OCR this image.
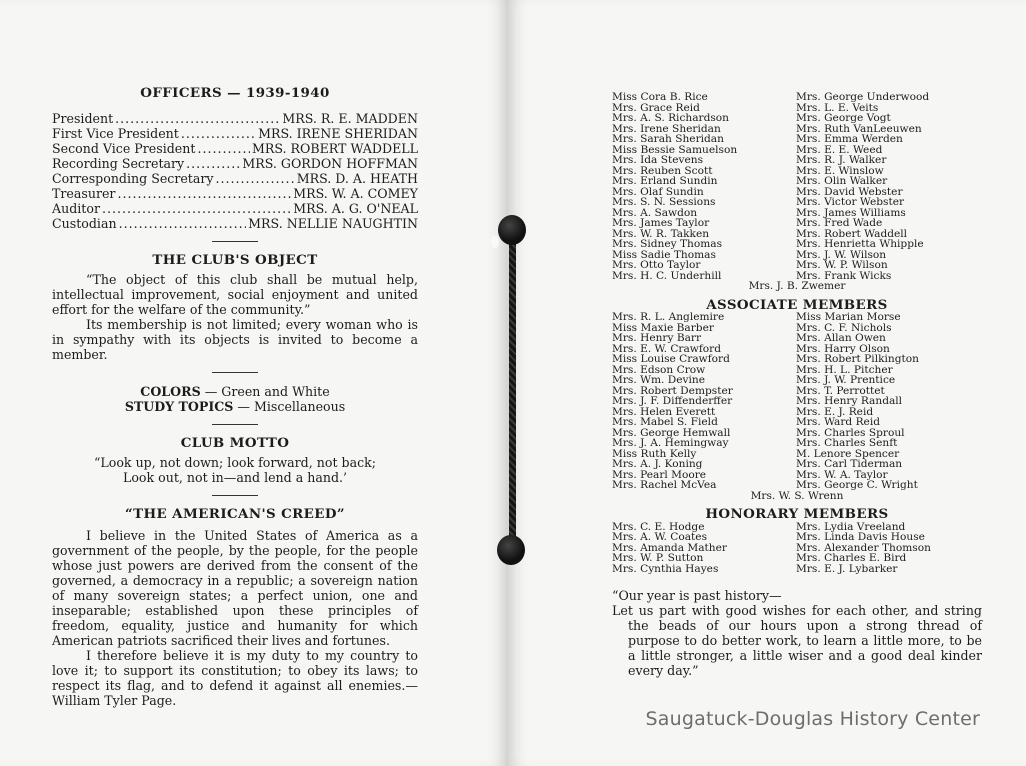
OFFICERS — 1939-1940
President .....	MRS. R. E. MADDEN
First Vice President .....	MRS. IRENE SHERIDAN
Second Vice President .....	MRS. ROBERT WADDELL
Recording Secretary .....	MRS. GORDON HOFFMAN
Corresponding Secretary .....	MRS. D. A. HEATH
Treasurer .....	MRS. W. A. COMEY
Auditor .....	MRS. A. G. O'NEAL
Custodian .....	MRS. NELLIE NAUGHTIN
THE CLUB'S OBJECT

“The object of this club shall be mutual help, intellectual improvement, social enjoyment and united effort for the welfare of the community.”

Its membership is not limited; every woman who is in sympathy with its objects is invited to become a member.

COLORS — Green and White

STUDY TOPICS — Miscellaneous

CLUB MOTTO

“Look up, not down; look forward, not back;

Look out, not in—and lend a hand.’

“THE AMERICAN'S CREED”

I believe in the United States of America as a government of the people, by the people, for the people whose just powers are derived from the consent of the governed, a democracy in a republic; a sovereign nation of many sovereign states; a perfect union, one and inseparable; established upon these principles of freedom, equality, justice and humanity for which American patriots sacrificed their lives and fortunes.

I therefore believe it is my duty to my country to love it; to support its constitution; to obey its laws; to respect its flag, and to defend it against all enemies.—William Tyler Page.

Miss Cora B. Rice
Mrs. Grace Reid
Mrs. A. S. Richardson
Mrs. Irene Sheridan
Mrs. Sarah Sheridan
Miss Bessie Samuelson
Mrs. Ida Stevens
Mrs. Reuben Scott
Mrs. Erland Sundin
Mrs. Olaf Sundin
Mrs. S. N. Sessions
Mrs. A. Sawdon
Mrs. James Taylor
Mrs. W. R. Takken
Mrs. Sidney Thomas
Miss Sadie Thomas
Mrs. Otto Taylor
Mrs. H. C. Underhill
Mrs. George Underwood
Mrs. L. E. Veits
Mrs. George Vogt
Mrs. Ruth VanLeeuwen
Mrs. Emma Werden
Mrs. E. E. Weed
Mrs. R. J. Walker
Mrs. E. Winslow
Mrs. Olin Walker
Mrs. David Webster
Mrs. Victor Webster
Mrs. James Williams
Mrs. Fred Wade
Mrs. Robert Waddell
Mrs. Henrietta Whipple
Mrs. J. W. Wilson
Mrs. W. P. Wilson
Mrs. Frank Wicks
Mrs. J. B. Zwemer
ASSOCIATE MEMBERS
Mrs. R. L. Anglemire
Miss Maxie Barber
Mrs. Henry Barr
Mrs. E. W. Crawford
Miss Louise Crawford
Mrs. Edson Crow
Mrs. Wm. Devine
Mrs. Robert Dempster
Mrs. J. F. Diffenderffer
Mrs. Helen Everett
Mrs. Mabel S. Field
Mrs. George Hemwall
Mrs. J. A. Hemingway
Miss Ruth Kelly
Mrs. A. J. Koning
Mrs. Pearl Moore
Mrs. Rachel McVea
Miss Marian Morse
Mrs. C. F. Nichols
Mrs. Allan Owen
Mrs. Harry Olson
Mrs. Robert Pilkington
Mrs. H. L. Pitcher
Mrs. J. W. Prentice
Mrs. T. Perrottet
Mrs. Henry Randall
Mrs. E. J. Reid
Mrs. Ward Reid
Mrs. Charles Sproul
Mrs. Charles Senft
M. Lenore Spencer
Mrs. Carl Tiderman
Mrs. W. A. Taylor
Mrs. George C. Wright
Mrs. W. S. Wrenn
HONORARY MEMBERS
Mrs. C. E. Hodge
Mrs. A. W. Coates
Mrs. Amanda Mather
Mrs. W. P. Sutton
Mrs. Cynthia Hayes
Mrs. Lydia Vreeland
Mrs. Linda Davis House
Mrs. Alexander Thomson
Mrs. Charles E. Bird
Mrs. E. J. Lybarker
“Our year is past history—
Let us part with good wishes for each other, and string the beads of our hours upon a strong thread of purpose to do better work, to learn a little more, to be a little stronger, a little wiser and a good deal kinder every day.”
Saugatuck-Douglas History Center
